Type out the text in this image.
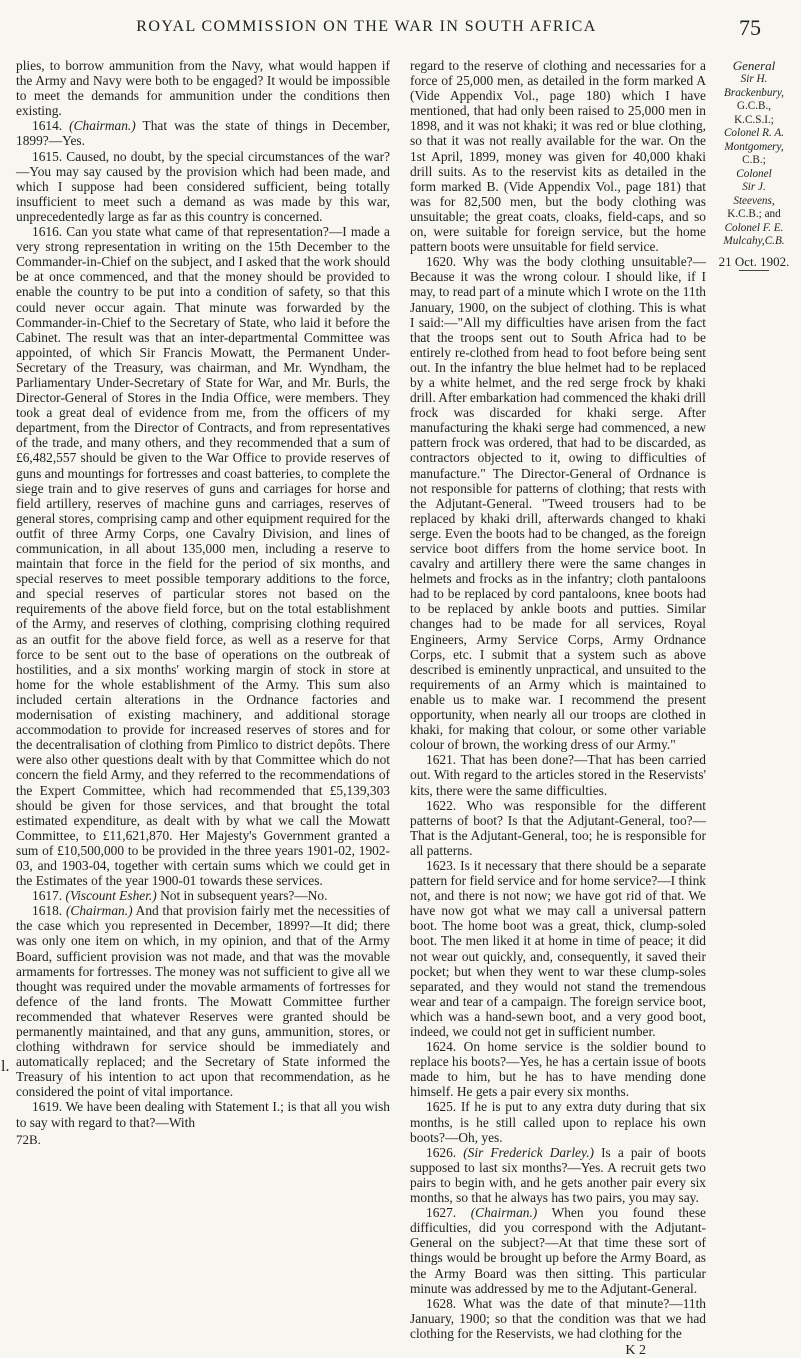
ROYAL COMMISSION ON THE WAR IN SOUTH AFRICA	75

plies, to borrow ammunition from the Navy, what would happen if the Army and Navy were both to be engaged? It would be impossible to meet the demands for ammunition under the conditions then existing.

1614. (Chairman.) That was the state of things in December, 1899?—Yes.

1615. Caused, no doubt, by the special circumstances of the war?—You may say caused by the provision which had been made, and which I suppose had been considered sufficient, being totally insufficient to meet such a demand as was made by this war, unprecedentedly large as far as this country is concerned.

1616. Can you state what came of that representation?—I made a very strong representation in writing on the 15th December to the Commander-in-Chief on the subject, and I asked that the work should be at once commenced, and that the money should be provided to enable the country to be put into a condition of safety, so that this could never occur again. That minute was forwarded by the Commander-in-Chief to the Secretary of State, who laid it before the Cabinet. The result was that an inter-departmental Committee was appointed, of which Sir Francis Mowatt, the Permanent Under-Secretary of the Treasury, was chairman, and Mr. Wyndham, the Parliamentary Under-Secretary of State for War, and Mr. Burls, the Director-General of Stores in the India Office, were members. They took a great deal of evidence from me, from the officers of my department, from the Director of Contracts, and from representatives of the trade, and many others, and they recommended that a sum of £6,482,557 should be given to the War Office to provide reserves of guns and mountings for fortresses and coast batteries, to complete the siege train and to give reserves of guns and carriages for horse and field artillery, reserves of machine guns and carriages, reserves of general stores, comprising camp and other equipment required for the outfit of three Army Corps, one Cavalry Division, and lines of communication, in all about 135,000 men, including a reserve to maintain that force in the field for the period of six months, and special reserves to meet possible temporary additions to the force, and special reserves of particular stores not based on the requirements of the above field force, but on the total establishment of the Army, and reserves of clothing, comprising clothing required as an outfit for the above field force, as well as a reserve for that force to be sent out to the base of operations on the outbreak of hostilities, and a six months' working margin of stock in store at home for the whole establishment of the Army. This sum also included certain alterations in the Ordnance factories and modernisation of existing machinery, and additional storage accommodation to provide for increased reserves of stores and for the decentralisation of clothing from Pimlico to district depôts. There were also other questions dealt with by that Committee which do not concern the field Army, and they referred to the recommendations of the Expert Committee, which had recommended that £5,139,303 should be given for those services, and that brought the total estimated expenditure, as dealt with by what we call the Mowatt Committee, to £11,621,870. Her Majesty's Government granted a sum of £10,500,000 to be provided in the three years 1901-02, 1902-03, and 1903-04, together with certain sums which we could get in the Estimates of the year 1900-01 towards these services.

1617. (Viscount Esher.) Not in subsequent years?—No.

1618. (Chairman.) And that provision fairly met the necessities of the case which you represented in December, 1899?—It did; there was only one item on which, in my opinion, and that of the Army Board, sufficient provision was not made, and that was the movable armaments for fortresses. The money was not sufficient to give all we thought was required under the movable armaments of fortresses for defence of the land fronts. The Mowatt Committee further recommended that whatever Reserves were granted should be permanently maintained, and that any guns, ammunition, stores, or clothing withdrawn for service should be immediately and automatically replaced; and the Secretary of State informed the Treasury of his intention to act upon that recommendation, as he considered the point of vital importance.

1619. We have been dealing with Statement I.; is that all you wish to say with regard to that?—With

72B.
l.

regard to the reserve of clothing and necessaries for a force of 25,000 men, as detailed in the form marked A (Vide Appendix Vol., page 180) which I have mentioned, that had only been raised to 25,000 men in 1898, and it was not khaki; it was red or blue clothing, so that it was not really available for the war. On the 1st April, 1899, money was given for 40,000 khaki drill suits. As to the reservist kits as detailed in the form marked B. (Vide Appendix Vol., page 181) that was for 82,500 men, but the body clothing was unsuitable; the great coats, cloaks, field-caps, and so on, were suitable for foreign service, but the home pattern boots were unsuitable for field service.

1620. Why was the body clothing unsuitable?—Because it was the wrong colour. I should like, if I may, to read part of a minute which I wrote on the 11th January, 1900, on the subject of clothing. This is what I said:—"All my difficulties have arisen from the fact that the troops sent out to South Africa had to be entirely re-clothed from head to foot before being sent out. In the infantry the blue helmet had to be replaced by a white helmet, and the red serge frock by khaki drill. After embarkation had commenced the khaki drill frock was discarded for khaki serge. After manufacturing the khaki serge had commenced, a new pattern frock was ordered, that had to be discarded, as contractors objected to it, owing to difficulties of manufacture." The Director-General of Ordnance is not responsible for patterns of clothing; that rests with the Adjutant-General. "Tweed trousers had to be replaced by khaki drill, afterwards changed to khaki serge. Even the boots had to be changed, as the foreign service boot differs from the home service boot. In cavalry and artillery there were the same changes in helmets and frocks as in the infantry; cloth pantaloons had to be replaced by cord pantaloons, knee boots had to be replaced by ankle boots and putties. Similar changes had to be made for all services, Royal Engineers, Army Service Corps, Army Ordnance Corps, etc. I submit that a system such as above described is eminently unpractical, and unsuited to the requirements of an Army which is maintained to enable us to make war. I recommend the present opportunity, when nearly all our troops are clothed in khaki, for making that colour, or some other variable colour of brown, the working dress of our Army."

1621. That has been done?—That has been carried out. With regard to the articles stored in the Reservists' kits, there were the same difficulties.

1622. Who was responsible for the different patterns of boot? Is that the Adjutant-General, too?—That is the Adjutant-General, too; he is responsible for all patterns.

1623. Is it necessary that there should be a separate pattern for field service and for home service?—I think not, and there is not now; we have got rid of that. We have now got what we may call a universal pattern boot. The home boot was a great, thick, clump-soled boot. The men liked it at home in time of peace; it did not wear out quickly, and, consequently, it saved their pocket; but when they went to war these clump-soles separated, and they would not stand the tremendous wear and tear of a campaign. The foreign service boot, which was a hand-sewn boot, and a very good boot, indeed, we could not get in sufficient number.

1624. On home service is the soldier bound to replace his boots?—Yes, he has a certain issue of boots made to him, but he has to have mending done himself. He gets a pair every six months.

1625. If he is put to any extra duty during that six months, is he still called upon to replace his own boots?—Oh, yes.

1626. (Sir Frederick Darley.) Is a pair of boots supposed to last six months?—Yes. A recruit gets two pairs to begin with, and he gets another pair every six months, so that he always has two pairs, you may say.

1627. (Chairman.) When you found these difficulties, did you correspond with the Adjutant-General on the subject?—At that time these sort of things would be brought up before the Army Board, as the Army Board was then sitting. This particular minute was addressed by me to the Adjutant-General.

1628. What was the date of that minute?—11th January, 1900; so that the condition was that we had clothing for the Reservists, we had clothing for the

K 2
General
Sir H.
Brackenbury,
G.C.B.,
K.C.S.I.;
Colonel R. A.
Montgomery,
C.B.;
Colonel
Sir J.
Steevens,
K.C.B.; and
Colonel F. E.
Mulcahy,C.B.
21 Oct. 1902.
